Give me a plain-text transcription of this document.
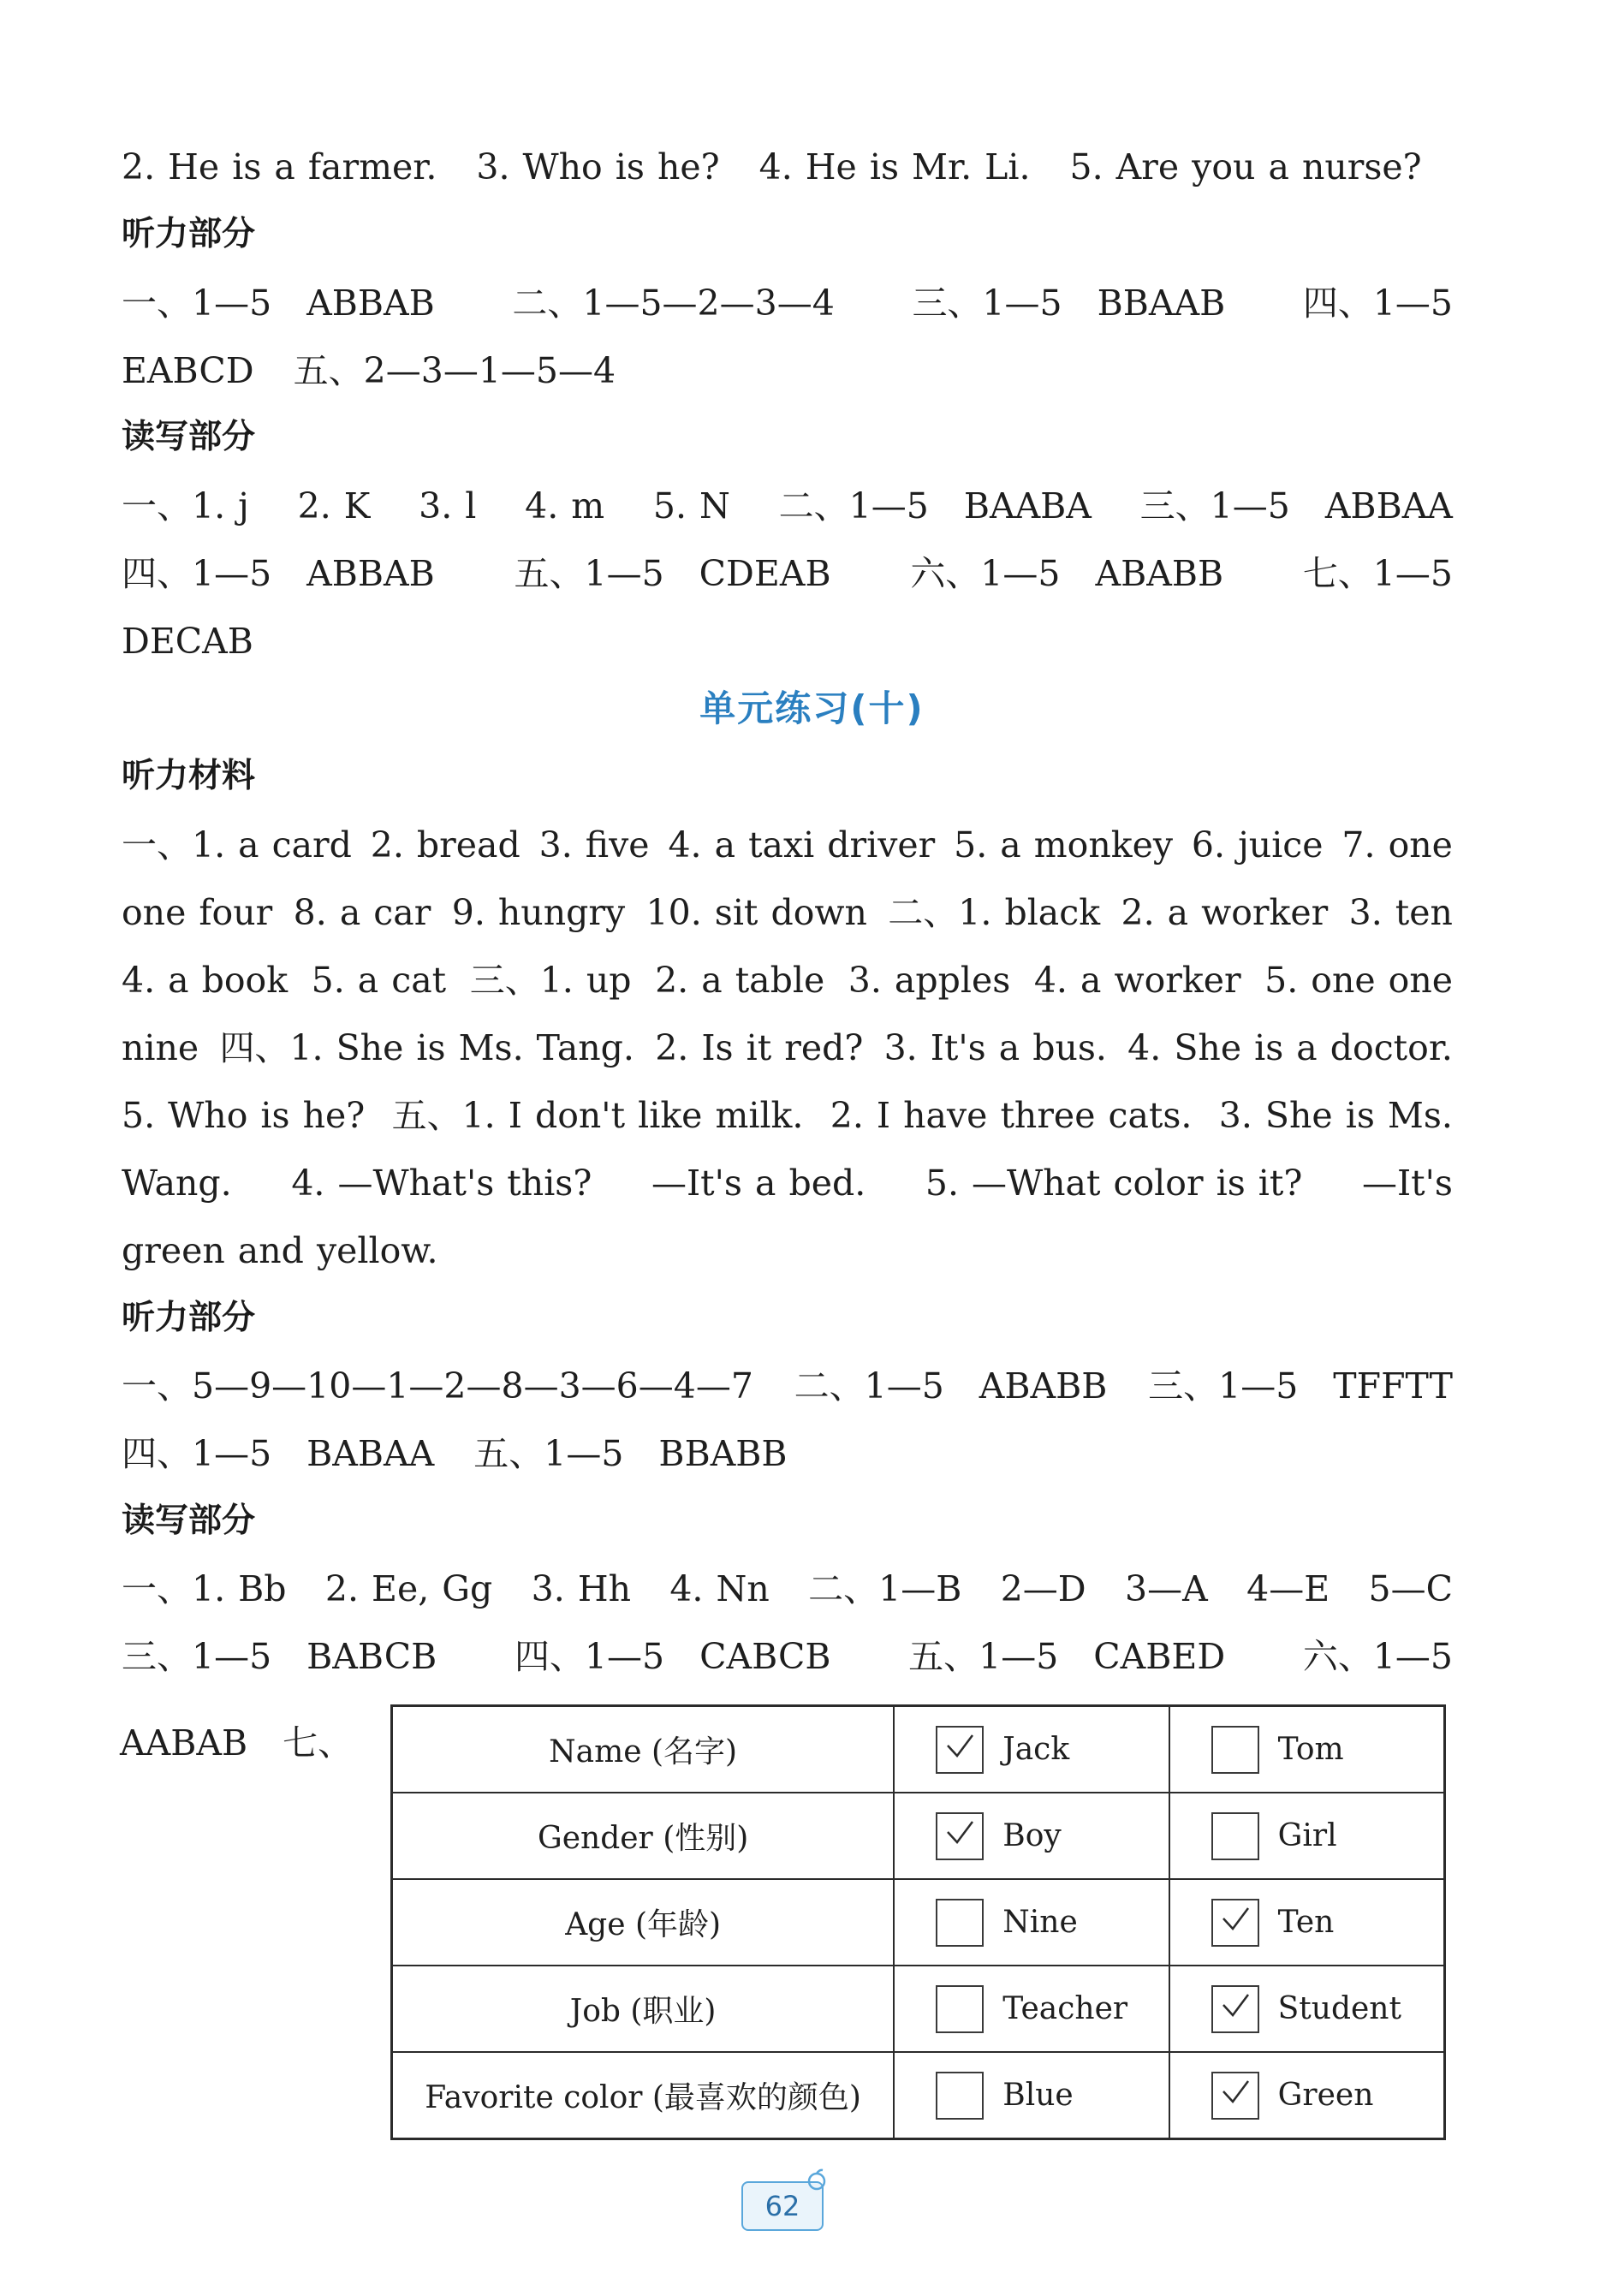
2. He is a farmer. 3. Who is he? 4. He is Mr. Li. 5. Are you a nurse?
听力部分
一、1—5　ABBAB 二、1—5—2—3—4 三、1—5　BBAAB 四、1—5
EABCD 五、2—3—1—5—4
读写部分
一、1. j 2. K 3. l 4. m 5. N 二、1—5　BAABA 三、1—5　ABBAA
四、1—5　ABBAB 五、1—5　CDEAB 六、1—5　ABABB 七、1—5
DECAB
单元练习(十)
听力材料
一、1. a card 2. bread 3. five 4. a taxi driver 5. a monkey 6. juice 7. one
one four 8. a car 9. hungry 10. sit down 二、1. black 2. a worker 3. ten
4. a book 5. a cat 三、1. up 2. a table 3. apples 4. a worker 5. one one
nine 四、1. She is Ms. Tang. 2. Is it red? 3. It's a bus. 4. She is a doctor.
5. Who is he? 五、1. I don't like milk. 2. I have three cats. 3. She is Ms.
Wang. 4. —What's this? —It's a bed. 5. —What color is it? —It's
green and yellow.
听力部分
一、5—9—10—1—2—8—3—6—4—7 二、1—5　ABABB 三、1—5　TFFTT
四、1—5　BABAA 五、1—5　BBABB
读写部分
一、1. Bb 2. Ee, Gg 3. Hh 4. Nn 二、1—B 2—D 3—A 4—E 5—C
三、1—5　BABCB 四、1—5　CABCB 五、1—5　CABED 六、1—5
AABAB　七、	Name (名字)	Jack	Tom

Gender (性别)	Boy	Girl

Age (年龄)	Nine	Ten

Job (职业)	Teacher	Student

Favorite color (最喜欢的颜色)	Blue	Green
62
